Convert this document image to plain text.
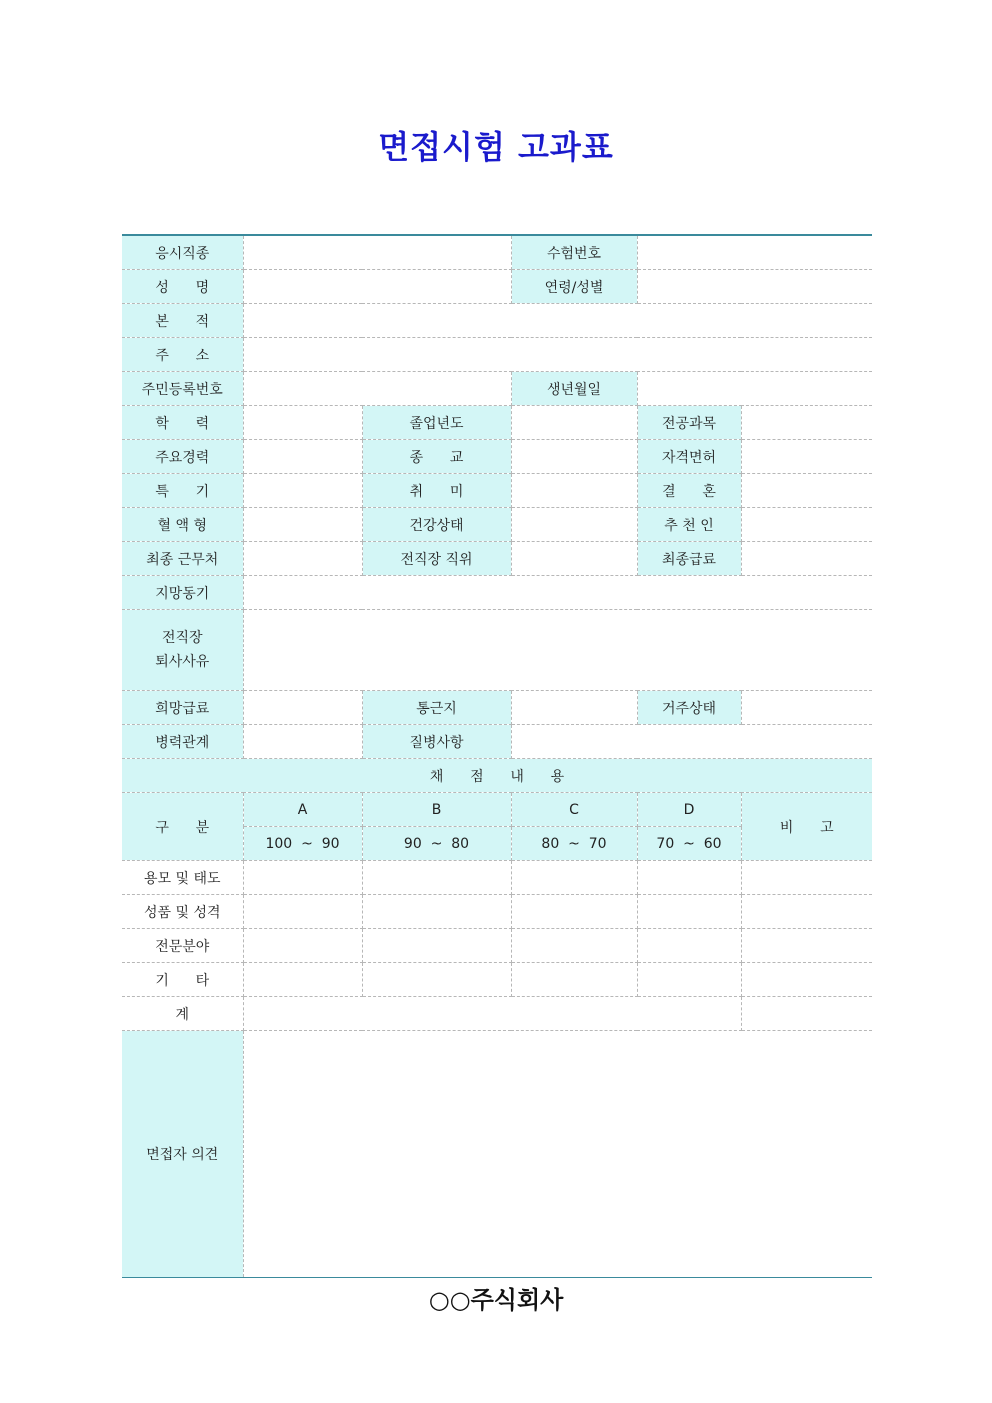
면접시험 고과표
응시직종			수험번호		
성      명			연령/성별		
본      적					
주      소					
주민등록번호			생년월일		
학      력		졸업년도		전공과목	
주요경력		종      교		자격면허	
특      기		취      미		결      혼	
혈 액 형		건강상태		추 천 인	
최종 근무처		전직장 직위		최종급료	
지망동기					

전직장
퇴사사유					

희망급료		통근지		거주상태	
병력관계		질병사항			
채      점      내      용					
구      분	A	B	C	D	비      고
	100  ~  90	90  ~  80	80  ~  70	70  ~  60	
용모 및 태도					
성품 및 성격					
전문분야					
기      타					
계					
면접자 의견					
○○주식회사
